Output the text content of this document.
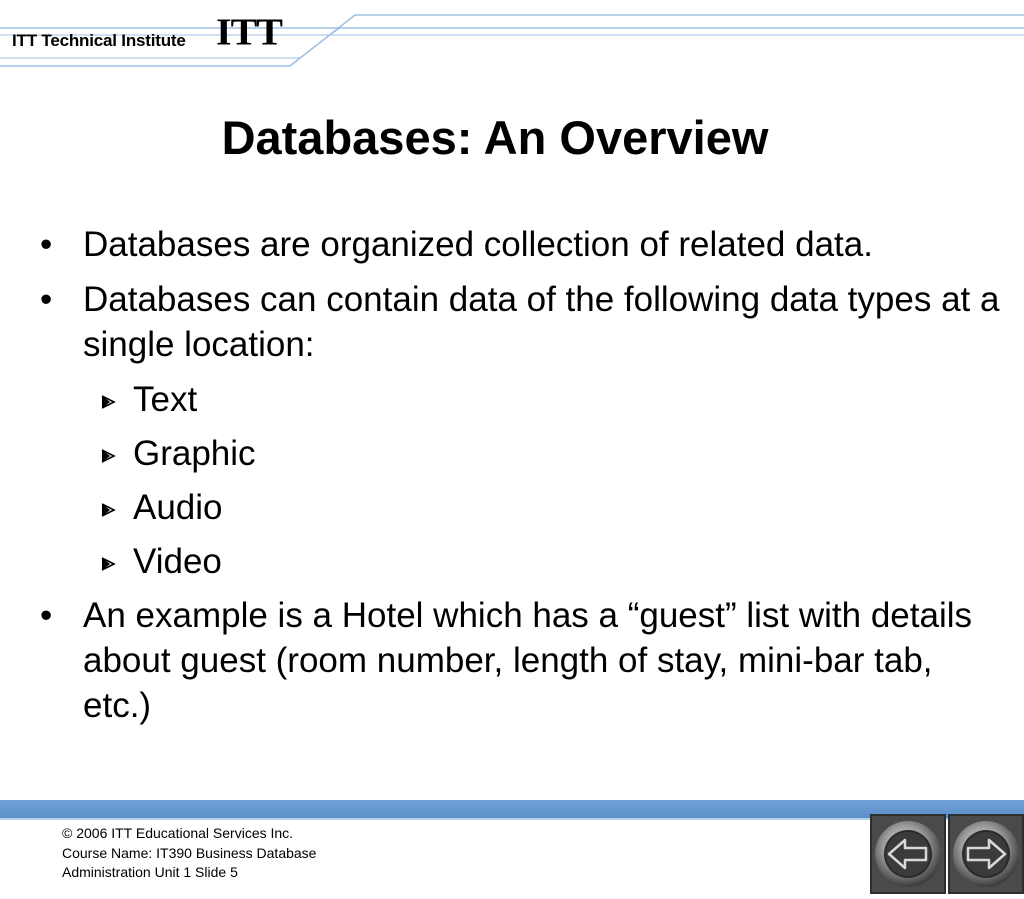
ITT Technical Institute ITT
Databases: An Overview
• Databases are organized collection of related data.
• Databases can contain data of the following data types at a single location:
Text
Graphic
Audio
Video
• An example is a Hotel which has a “guest” list with details about guest (room number, length of stay, mini-bar tab, etc.)
© 2006 ITT Educational Services Inc.
Course Name: IT390 Business Database
Administration Unit 1 Slide 5
